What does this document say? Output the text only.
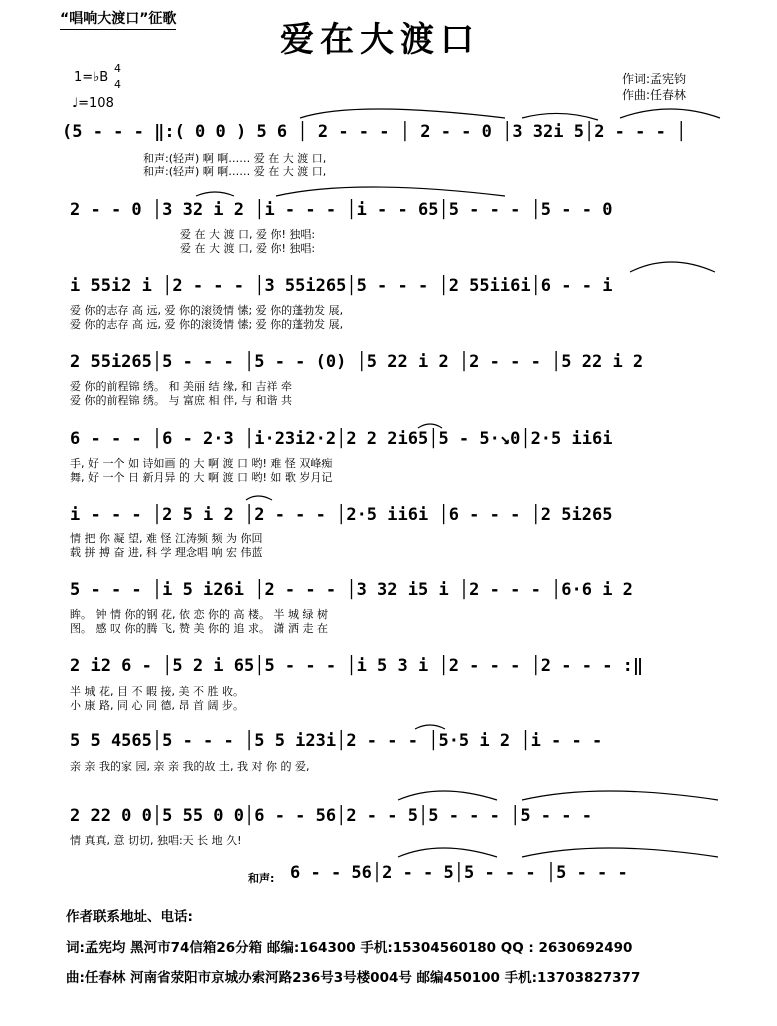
“唱响大渡口”征歌
爱在大渡口
1=♭B
4
4
♩=108
作词:孟宪钧
作曲:任春林
(5 - - - ‖:( 0 0 ) 5 6 │ 2 - - - │ 2 - - 0 │3 32i 5│2 - - - │
和声:(轻声) 啊 啊…… 爱 在 大 渡 口,
和声:(轻声) 啊 啊…… 爱 在 大 渡 口,
2 - - 0 │3 32 i 2 │i - - - │i - - 65│5 - - - │5 - - 0
爱 在 大 渡 口, 爱 你! 独唱:
爱 在 大 渡 口, 爱 你! 独唱:
i 55i2 i │2 - - - │3 55i265│5 - - - │2 55ii6i│6 - - i
爱 你的志存 高 远, 爱 你的滚烫情 愫; 爱 你的蓬勃发 展,
爱 你的志存 高 远, 爱 你的滚烫情 愫; 爱 你的蓬勃发 展,
2 55i265│5 - - - │5 - - (0) │5 22 i 2 │2 - - - │5 22 i 2
爱 你的前程锦 绣。 和 美丽 结 缘, 和 吉祥 牵
爱 你的前程锦 绣。 与 富庶 相 伴, 与 和谐 共
6 - - - │6 - 2·3 │i·23i2·2│2 2 2i65│5 - 5·↘0│2·5 ii6i
手, 好 一个 如 诗如画 的 大 啊 渡 口 哟! 难 怪 双峰痴
舞, 好 一个 日 新月异 的 大 啊 渡 口 哟! 如 歌 岁月记
i - - - │2 5 i 2 │2 - - - │2·5 ii6i │6 - - - │2 5i265
情 把 你 凝 望, 难 怪 江涛频 频 为 你回
载 拼 搏 奋 进, 科 学 理念唱 响 宏 伟蓝
5 - - - │i 5 i26i │2 - - - │3 32 i5 i │2 - - - │6·6 i 2
眸。 钟 情 你的钢 花, 依 恋 你的 高 楼。 半 城 绿 树
图。 感 叹 你的腾 飞, 赞 美 你的 追 求。 潇 洒 走 在
2 i2 6 - │5 2 i 65│5 - - - │i 5 3 i │2 - - - │2 - - - :‖
半 城 花, 目 不 暇 接, 美 不 胜 收。
小 康 路, 同 心 同 德, 昂 首 阔 步。
5 5 4565│5 - - - │5 5 i23i│2 - - - │5·5 i 2 │i - - -
亲 亲 我的家 园, 亲 亲 我的故 土, 我 对 你 的 爱,
2 22 0 0│5 55 0 0│6 - - 56│2 - - 5│5 - - - │5 - - -
情 真真, 意 切切, 独唱:天 长 地 久!
和声: 6 - - 56│2 - - 5│5 - - - │5 - - -
作者联系地址、电话:
词:孟宪均 黑河市74信箱26分箱 邮编:164300 手机:15304560180 QQ : 2630692490
曲:任春林 河南省荥阳市京城办索河路236号3号楼004号 邮编450100 手机:13703827377
